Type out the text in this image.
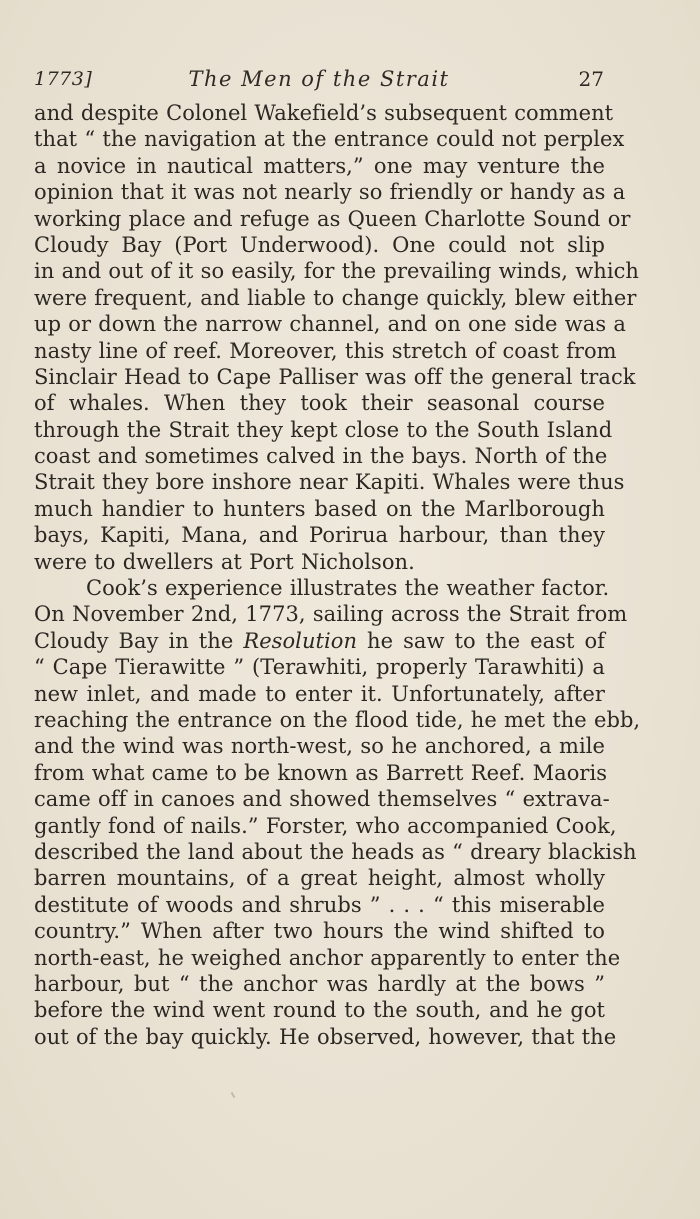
1773]	The Men of the Strait	27
and despite Colonel Wakefield’s subsequent comment
that “ the navigation at the entrance could not perplex
a novice in nautical matters,” one may venture the
opinion that it was not nearly so friendly or handy as a
working place and refuge as Queen Charlotte Sound or
Cloudy Bay (Port Underwood). One could not slip
in and out of it so easily, for the prevailing winds, which
were frequent, and liable to change quickly, blew either
up or down the narrow channel, and on one side was a
nasty line of reef. Moreover, this stretch of coast from
Sinclair Head to Cape Palliser was off the general track
of whales. When they took their seasonal course
through the Strait they kept close to the South Island
coast and sometimes calved in the bays. North of the
Strait they bore inshore near Kapiti. Whales were thus
much handier to hunters based on the Marlborough
bays, Kapiti, Mana, and Porirua harbour, than they
were to dwellers at Port Nicholson.
Cook’s experience illustrates the weather factor.
On November 2nd, 1773, sailing across the Strait from
Cloudy Bay in the Resolution he saw to the east of
“ Cape Tierawitte ” (Terawhiti, properly Tarawhiti) a
new inlet, and made to enter it. Unfortunately, after
reaching the entrance on the flood tide, he met the ebb,
and the wind was north-west, so he anchored, a mile
from what came to be known as Barrett Reef. Maoris
came off in canoes and showed themselves “ extrava-
gantly fond of nails.” Forster, who accompanied Cook,
described the land about the heads as “ dreary blackish
barren mountains, of a great height, almost wholly
destitute of woods and shrubs ” . . . “ this miserable
country.” When after two hours the wind shifted to
north-east, he weighed anchor apparently to enter the
harbour, but “ the anchor was hardly at the bows ”
before the wind went round to the south, and he got
out of the bay quickly. He observed, however, that the
